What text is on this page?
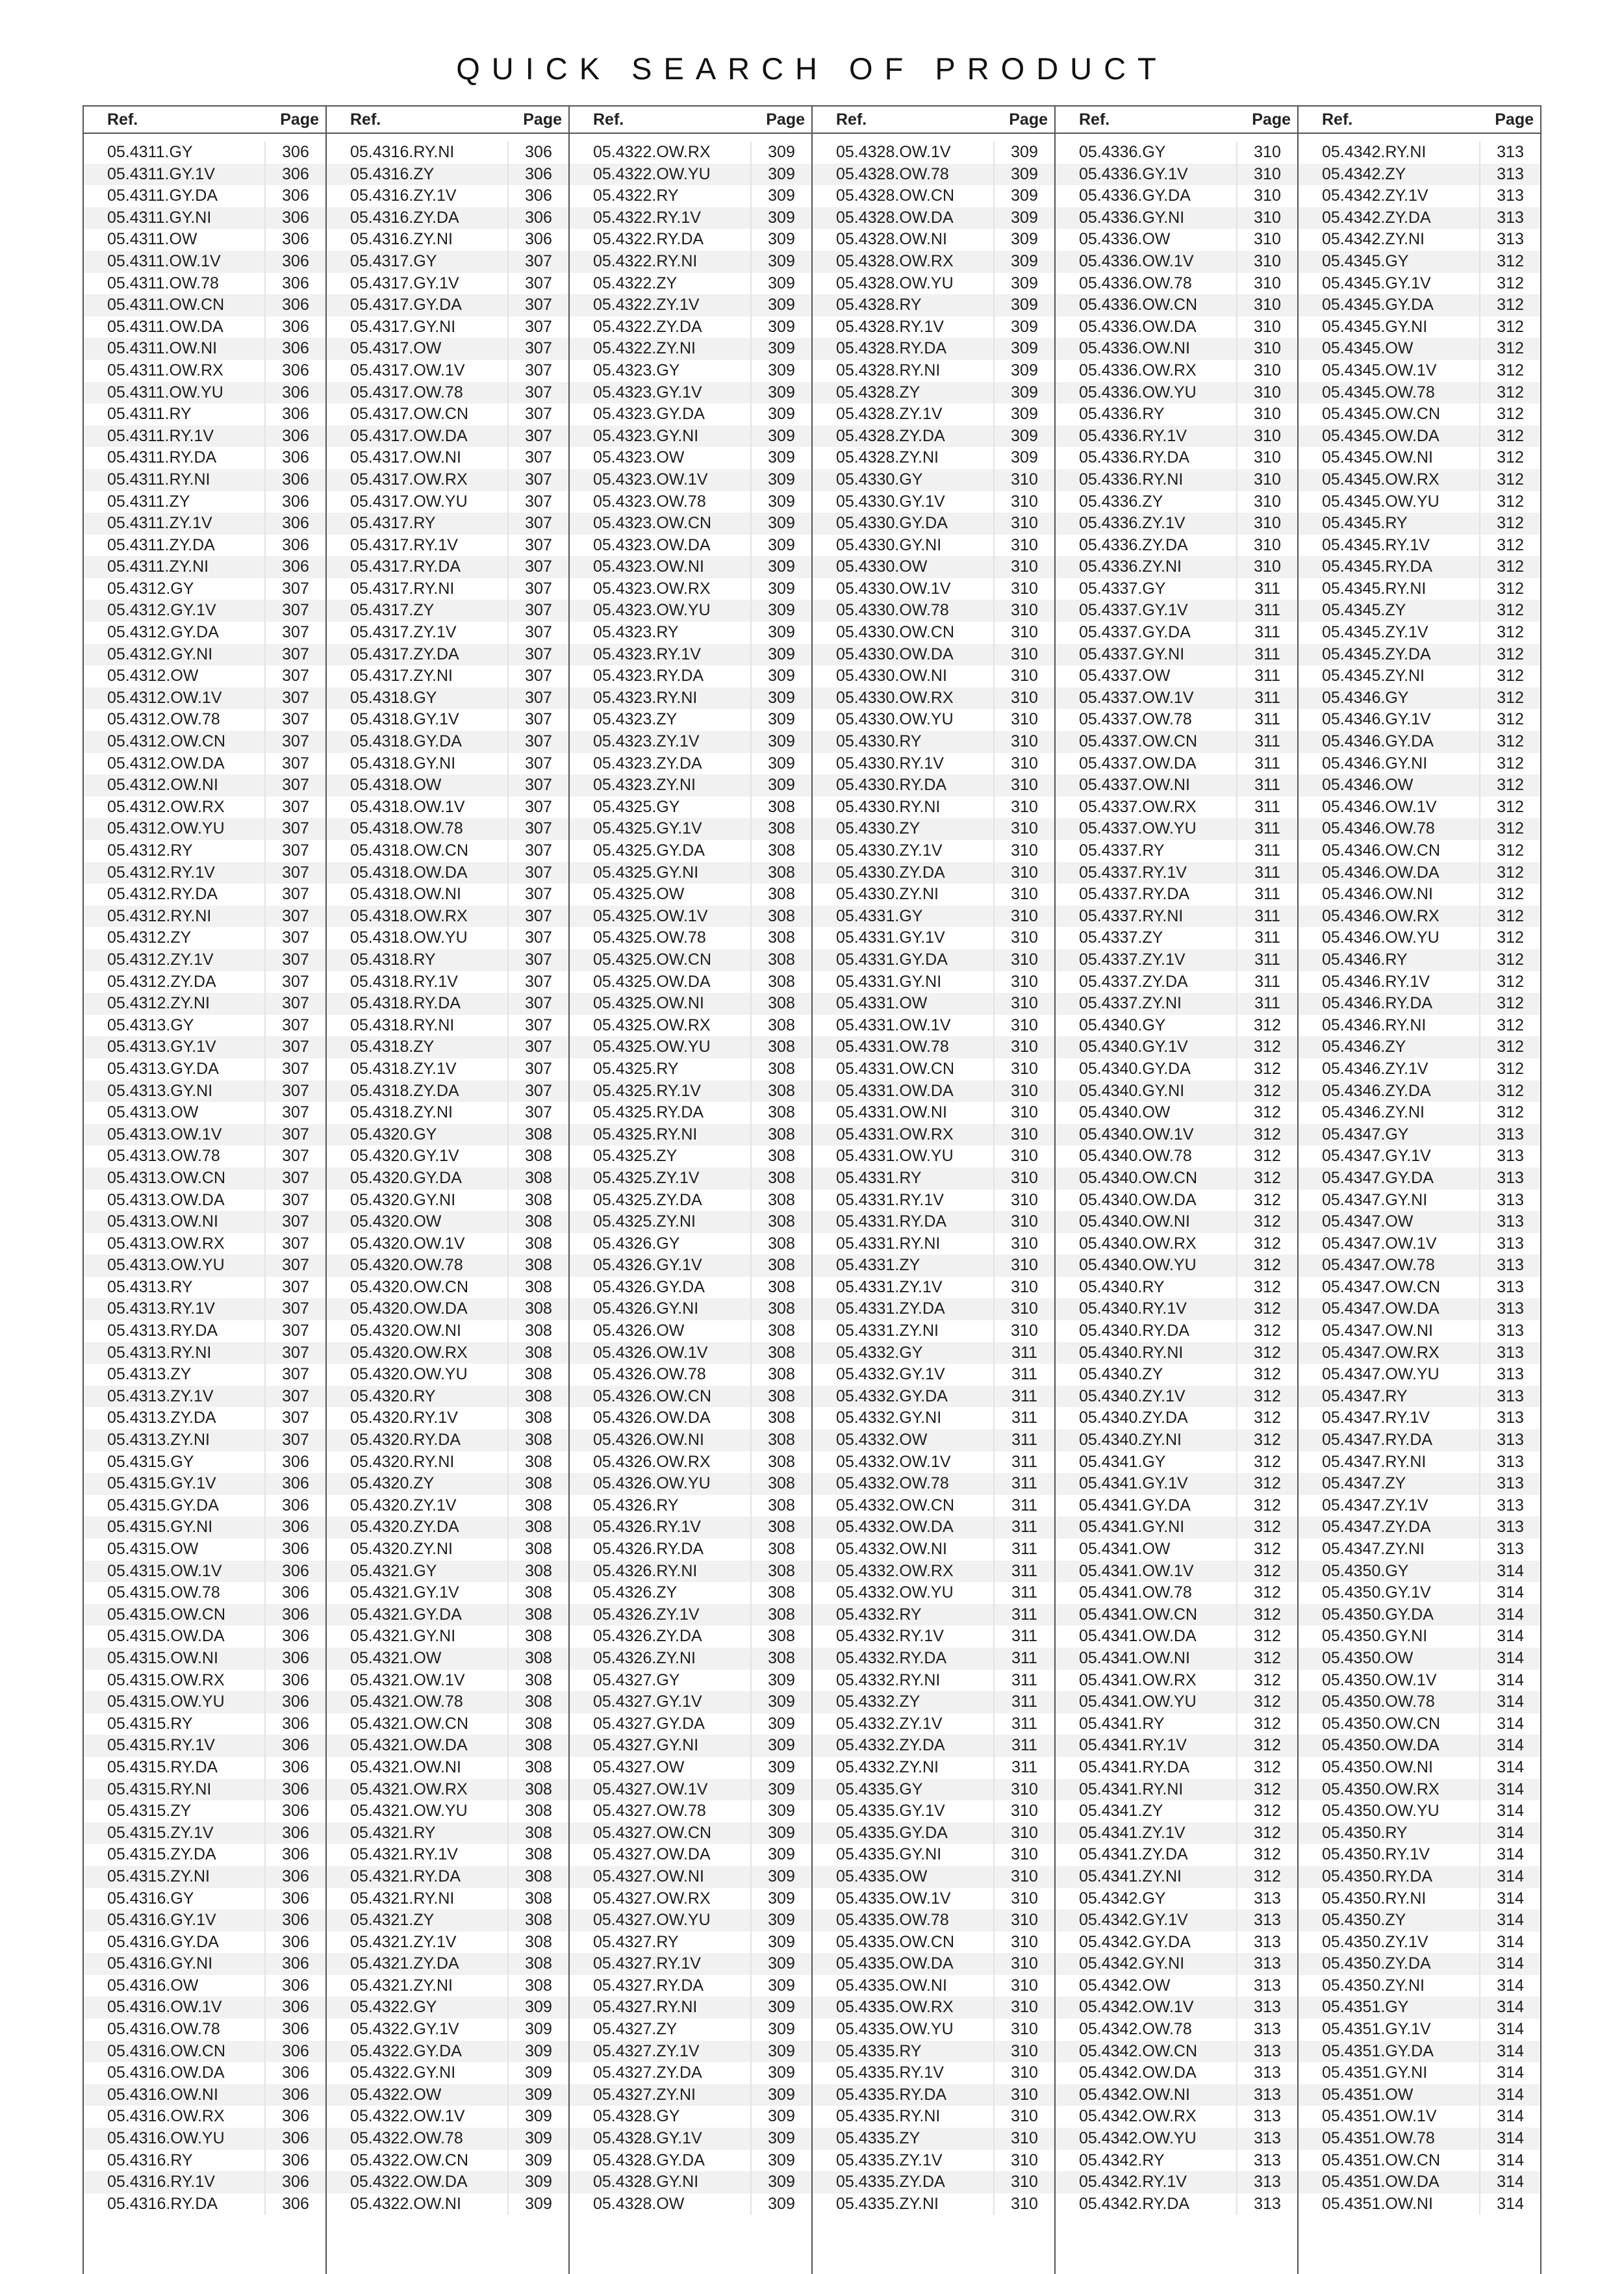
QUICK SEARCH OF PRODUCT
Ref.	Page
05.4311.GY	306
05.4311.GY.1V	306
05.4311.GY.DA	306
05.4311.GY.NI	306
05.4311.OW	306
05.4311.OW.1V	306
05.4311.OW.78	306
05.4311.OW.CN	306
05.4311.OW.DA	306
05.4311.OW.NI	306
05.4311.OW.RX	306
05.4311.OW.YU	306
05.4311.RY	306
05.4311.RY.1V	306
05.4311.RY.DA	306
05.4311.RY.NI	306
05.4311.ZY	306
05.4311.ZY.1V	306
05.4311.ZY.DA	306
05.4311.ZY.NI	306
05.4312.GY	307
05.4312.GY.1V	307
05.4312.GY.DA	307
05.4312.GY.NI	307
05.4312.OW	307
05.4312.OW.1V	307
05.4312.OW.78	307
05.4312.OW.CN	307
05.4312.OW.DA	307
05.4312.OW.NI	307
05.4312.OW.RX	307
05.4312.OW.YU	307
05.4312.RY	307
05.4312.RY.1V	307
05.4312.RY.DA	307
05.4312.RY.NI	307
05.4312.ZY	307
05.4312.ZY.1V	307
05.4312.ZY.DA	307
05.4312.ZY.NI	307
05.4313.GY	307
05.4313.GY.1V	307
05.4313.GY.DA	307
05.4313.GY.NI	307
05.4313.OW	307
05.4313.OW.1V	307
05.4313.OW.78	307
05.4313.OW.CN	307
05.4313.OW.DA	307
05.4313.OW.NI	307
05.4313.OW.RX	307
05.4313.OW.YU	307
05.4313.RY	307
05.4313.RY.1V	307
05.4313.RY.DA	307
05.4313.RY.NI	307
05.4313.ZY	307
05.4313.ZY.1V	307
05.4313.ZY.DA	307
05.4313.ZY.NI	307
05.4315.GY	306
05.4315.GY.1V	306
05.4315.GY.DA	306
05.4315.GY.NI	306
05.4315.OW	306
05.4315.OW.1V	306
05.4315.OW.78	306
05.4315.OW.CN	306
05.4315.OW.DA	306
05.4315.OW.NI	306
05.4315.OW.RX	306
05.4315.OW.YU	306
05.4315.RY	306
05.4315.RY.1V	306
05.4315.RY.DA	306
05.4315.RY.NI	306
05.4315.ZY	306
05.4315.ZY.1V	306
05.4315.ZY.DA	306
05.4315.ZY.NI	306
05.4316.GY	306
05.4316.GY.1V	306
05.4316.GY.DA	306
05.4316.GY.NI	306
05.4316.OW	306
05.4316.OW.1V	306
05.4316.OW.78	306
05.4316.OW.CN	306
05.4316.OW.DA	306
05.4316.OW.NI	306
05.4316.OW.RX	306
05.4316.OW.YU	306
05.4316.RY	306
05.4316.RY.1V	306
05.4316.RY.DA	306
Ref.	Page
05.4316.RY.NI	306
05.4316.ZY	306
05.4316.ZY.1V	306
05.4316.ZY.DA	306
05.4316.ZY.NI	306
05.4317.GY	307
05.4317.GY.1V	307
05.4317.GY.DA	307
05.4317.GY.NI	307
05.4317.OW	307
05.4317.OW.1V	307
05.4317.OW.78	307
05.4317.OW.CN	307
05.4317.OW.DA	307
05.4317.OW.NI	307
05.4317.OW.RX	307
05.4317.OW.YU	307
05.4317.RY	307
05.4317.RY.1V	307
05.4317.RY.DA	307
05.4317.RY.NI	307
05.4317.ZY	307
05.4317.ZY.1V	307
05.4317.ZY.DA	307
05.4317.ZY.NI	307
05.4318.GY	307
05.4318.GY.1V	307
05.4318.GY.DA	307
05.4318.GY.NI	307
05.4318.OW	307
05.4318.OW.1V	307
05.4318.OW.78	307
05.4318.OW.CN	307
05.4318.OW.DA	307
05.4318.OW.NI	307
05.4318.OW.RX	307
05.4318.OW.YU	307
05.4318.RY	307
05.4318.RY.1V	307
05.4318.RY.DA	307
05.4318.RY.NI	307
05.4318.ZY	307
05.4318.ZY.1V	307
05.4318.ZY.DA	307
05.4318.ZY.NI	307
05.4320.GY	308
05.4320.GY.1V	308
05.4320.GY.DA	308
05.4320.GY.NI	308
05.4320.OW	308
05.4320.OW.1V	308
05.4320.OW.78	308
05.4320.OW.CN	308
05.4320.OW.DA	308
05.4320.OW.NI	308
05.4320.OW.RX	308
05.4320.OW.YU	308
05.4320.RY	308
05.4320.RY.1V	308
05.4320.RY.DA	308
05.4320.RY.NI	308
05.4320.ZY	308
05.4320.ZY.1V	308
05.4320.ZY.DA	308
05.4320.ZY.NI	308
05.4321.GY	308
05.4321.GY.1V	308
05.4321.GY.DA	308
05.4321.GY.NI	308
05.4321.OW	308
05.4321.OW.1V	308
05.4321.OW.78	308
05.4321.OW.CN	308
05.4321.OW.DA	308
05.4321.OW.NI	308
05.4321.OW.RX	308
05.4321.OW.YU	308
05.4321.RY	308
05.4321.RY.1V	308
05.4321.RY.DA	308
05.4321.RY.NI	308
05.4321.ZY	308
05.4321.ZY.1V	308
05.4321.ZY.DA	308
05.4321.ZY.NI	308
05.4322.GY	309
05.4322.GY.1V	309
05.4322.GY.DA	309
05.4322.GY.NI	309
05.4322.OW	309
05.4322.OW.1V	309
05.4322.OW.78	309
05.4322.OW.CN	309
05.4322.OW.DA	309
05.4322.OW.NI	309
Ref.	Page
05.4322.OW.RX	309
05.4322.OW.YU	309
05.4322.RY	309
05.4322.RY.1V	309
05.4322.RY.DA	309
05.4322.RY.NI	309
05.4322.ZY	309
05.4322.ZY.1V	309
05.4322.ZY.DA	309
05.4322.ZY.NI	309
05.4323.GY	309
05.4323.GY.1V	309
05.4323.GY.DA	309
05.4323.GY.NI	309
05.4323.OW	309
05.4323.OW.1V	309
05.4323.OW.78	309
05.4323.OW.CN	309
05.4323.OW.DA	309
05.4323.OW.NI	309
05.4323.OW.RX	309
05.4323.OW.YU	309
05.4323.RY	309
05.4323.RY.1V	309
05.4323.RY.DA	309
05.4323.RY.NI	309
05.4323.ZY	309
05.4323.ZY.1V	309
05.4323.ZY.DA	309
05.4323.ZY.NI	309
05.4325.GY	308
05.4325.GY.1V	308
05.4325.GY.DA	308
05.4325.GY.NI	308
05.4325.OW	308
05.4325.OW.1V	308
05.4325.OW.78	308
05.4325.OW.CN	308
05.4325.OW.DA	308
05.4325.OW.NI	308
05.4325.OW.RX	308
05.4325.OW.YU	308
05.4325.RY	308
05.4325.RY.1V	308
05.4325.RY.DA	308
05.4325.RY.NI	308
05.4325.ZY	308
05.4325.ZY.1V	308
05.4325.ZY.DA	308
05.4325.ZY.NI	308
05.4326.GY	308
05.4326.GY.1V	308
05.4326.GY.DA	308
05.4326.GY.NI	308
05.4326.OW	308
05.4326.OW.1V	308
05.4326.OW.78	308
05.4326.OW.CN	308
05.4326.OW.DA	308
05.4326.OW.NI	308
05.4326.OW.RX	308
05.4326.OW.YU	308
05.4326.RY	308
05.4326.RY.1V	308
05.4326.RY.DA	308
05.4326.RY.NI	308
05.4326.ZY	308
05.4326.ZY.1V	308
05.4326.ZY.DA	308
05.4326.ZY.NI	308
05.4327.GY	309
05.4327.GY.1V	309
05.4327.GY.DA	309
05.4327.GY.NI	309
05.4327.OW	309
05.4327.OW.1V	309
05.4327.OW.78	309
05.4327.OW.CN	309
05.4327.OW.DA	309
05.4327.OW.NI	309
05.4327.OW.RX	309
05.4327.OW.YU	309
05.4327.RY	309
05.4327.RY.1V	309
05.4327.RY.DA	309
05.4327.RY.NI	309
05.4327.ZY	309
05.4327.ZY.1V	309
05.4327.ZY.DA	309
05.4327.ZY.NI	309
05.4328.GY	309
05.4328.GY.1V	309
05.4328.GY.DA	309
05.4328.GY.NI	309
05.4328.OW	309
Ref.	Page
05.4328.OW.1V	309
05.4328.OW.78	309
05.4328.OW.CN	309
05.4328.OW.DA	309
05.4328.OW.NI	309
05.4328.OW.RX	309
05.4328.OW.YU	309
05.4328.RY	309
05.4328.RY.1V	309
05.4328.RY.DA	309
05.4328.RY.NI	309
05.4328.ZY	309
05.4328.ZY.1V	309
05.4328.ZY.DA	309
05.4328.ZY.NI	309
05.4330.GY	310
05.4330.GY.1V	310
05.4330.GY.DA	310
05.4330.GY.NI	310
05.4330.OW	310
05.4330.OW.1V	310
05.4330.OW.78	310
05.4330.OW.CN	310
05.4330.OW.DA	310
05.4330.OW.NI	310
05.4330.OW.RX	310
05.4330.OW.YU	310
05.4330.RY	310
05.4330.RY.1V	310
05.4330.RY.DA	310
05.4330.RY.NI	310
05.4330.ZY	310
05.4330.ZY.1V	310
05.4330.ZY.DA	310
05.4330.ZY.NI	310
05.4331.GY	310
05.4331.GY.1V	310
05.4331.GY.DA	310
05.4331.GY.NI	310
05.4331.OW	310
05.4331.OW.1V	310
05.4331.OW.78	310
05.4331.OW.CN	310
05.4331.OW.DA	310
05.4331.OW.NI	310
05.4331.OW.RX	310
05.4331.OW.YU	310
05.4331.RY	310
05.4331.RY.1V	310
05.4331.RY.DA	310
05.4331.RY.NI	310
05.4331.ZY	310
05.4331.ZY.1V	310
05.4331.ZY.DA	310
05.4331.ZY.NI	310
05.4332.GY	311
05.4332.GY.1V	311
05.4332.GY.DA	311
05.4332.GY.NI	311
05.4332.OW	311
05.4332.OW.1V	311
05.4332.OW.78	311
05.4332.OW.CN	311
05.4332.OW.DA	311
05.4332.OW.NI	311
05.4332.OW.RX	311
05.4332.OW.YU	311
05.4332.RY	311
05.4332.RY.1V	311
05.4332.RY.DA	311
05.4332.RY.NI	311
05.4332.ZY	311
05.4332.ZY.1V	311
05.4332.ZY.DA	311
05.4332.ZY.NI	311
05.4335.GY	310
05.4335.GY.1V	310
05.4335.GY.DA	310
05.4335.GY.NI	310
05.4335.OW	310
05.4335.OW.1V	310
05.4335.OW.78	310
05.4335.OW.CN	310
05.4335.OW.DA	310
05.4335.OW.NI	310
05.4335.OW.RX	310
05.4335.OW.YU	310
05.4335.RY	310
05.4335.RY.1V	310
05.4335.RY.DA	310
05.4335.RY.NI	310
05.4335.ZY	310
05.4335.ZY.1V	310
05.4335.ZY.DA	310
05.4335.ZY.NI	310
Ref.	Page
05.4336.GY	310
05.4336.GY.1V	310
05.4336.GY.DA	310
05.4336.GY.NI	310
05.4336.OW	310
05.4336.OW.1V	310
05.4336.OW.78	310
05.4336.OW.CN	310
05.4336.OW.DA	310
05.4336.OW.NI	310
05.4336.OW.RX	310
05.4336.OW.YU	310
05.4336.RY	310
05.4336.RY.1V	310
05.4336.RY.DA	310
05.4336.RY.NI	310
05.4336.ZY	310
05.4336.ZY.1V	310
05.4336.ZY.DA	310
05.4336.ZY.NI	310
05.4337.GY	311
05.4337.GY.1V	311
05.4337.GY.DA	311
05.4337.GY.NI	311
05.4337.OW	311
05.4337.OW.1V	311
05.4337.OW.78	311
05.4337.OW.CN	311
05.4337.OW.DA	311
05.4337.OW.NI	311
05.4337.OW.RX	311
05.4337.OW.YU	311
05.4337.RY	311
05.4337.RY.1V	311
05.4337.RY.DA	311
05.4337.RY.NI	311
05.4337.ZY	311
05.4337.ZY.1V	311
05.4337.ZY.DA	311
05.4337.ZY.NI	311
05.4340.GY	312
05.4340.GY.1V	312
05.4340.GY.DA	312
05.4340.GY.NI	312
05.4340.OW	312
05.4340.OW.1V	312
05.4340.OW.78	312
05.4340.OW.CN	312
05.4340.OW.DA	312
05.4340.OW.NI	312
05.4340.OW.RX	312
05.4340.OW.YU	312
05.4340.RY	312
05.4340.RY.1V	312
05.4340.RY.DA	312
05.4340.RY.NI	312
05.4340.ZY	312
05.4340.ZY.1V	312
05.4340.ZY.DA	312
05.4340.ZY.NI	312
05.4341.GY	312
05.4341.GY.1V	312
05.4341.GY.DA	312
05.4341.GY.NI	312
05.4341.OW	312
05.4341.OW.1V	312
05.4341.OW.78	312
05.4341.OW.CN	312
05.4341.OW.DA	312
05.4341.OW.NI	312
05.4341.OW.RX	312
05.4341.OW.YU	312
05.4341.RY	312
05.4341.RY.1V	312
05.4341.RY.DA	312
05.4341.RY.NI	312
05.4341.ZY	312
05.4341.ZY.1V	312
05.4341.ZY.DA	312
05.4341.ZY.NI	312
05.4342.GY	313
05.4342.GY.1V	313
05.4342.GY.DA	313
05.4342.GY.NI	313
05.4342.OW	313
05.4342.OW.1V	313
05.4342.OW.78	313
05.4342.OW.CN	313
05.4342.OW.DA	313
05.4342.OW.NI	313
05.4342.OW.RX	313
05.4342.OW.YU	313
05.4342.RY	313
05.4342.RY.1V	313
05.4342.RY.DA	313
Ref.	Page
05.4342.RY.NI	313
05.4342.ZY	313
05.4342.ZY.1V	313
05.4342.ZY.DA	313
05.4342.ZY.NI	313
05.4345.GY	312
05.4345.GY.1V	312
05.4345.GY.DA	312
05.4345.GY.NI	312
05.4345.OW	312
05.4345.OW.1V	312
05.4345.OW.78	312
05.4345.OW.CN	312
05.4345.OW.DA	312
05.4345.OW.NI	312
05.4345.OW.RX	312
05.4345.OW.YU	312
05.4345.RY	312
05.4345.RY.1V	312
05.4345.RY.DA	312
05.4345.RY.NI	312
05.4345.ZY	312
05.4345.ZY.1V	312
05.4345.ZY.DA	312
05.4345.ZY.NI	312
05.4346.GY	312
05.4346.GY.1V	312
05.4346.GY.DA	312
05.4346.GY.NI	312
05.4346.OW	312
05.4346.OW.1V	312
05.4346.OW.78	312
05.4346.OW.CN	312
05.4346.OW.DA	312
05.4346.OW.NI	312
05.4346.OW.RX	312
05.4346.OW.YU	312
05.4346.RY	312
05.4346.RY.1V	312
05.4346.RY.DA	312
05.4346.RY.NI	312
05.4346.ZY	312
05.4346.ZY.1V	312
05.4346.ZY.DA	312
05.4346.ZY.NI	312
05.4347.GY	313
05.4347.GY.1V	313
05.4347.GY.DA	313
05.4347.GY.NI	313
05.4347.OW	313
05.4347.OW.1V	313
05.4347.OW.78	313
05.4347.OW.CN	313
05.4347.OW.DA	313
05.4347.OW.NI	313
05.4347.OW.RX	313
05.4347.OW.YU	313
05.4347.RY	313
05.4347.RY.1V	313
05.4347.RY.DA	313
05.4347.RY.NI	313
05.4347.ZY	313
05.4347.ZY.1V	313
05.4347.ZY.DA	313
05.4347.ZY.NI	313
05.4350.GY	314
05.4350.GY.1V	314
05.4350.GY.DA	314
05.4350.GY.NI	314
05.4350.OW	314
05.4350.OW.1V	314
05.4350.OW.78	314
05.4350.OW.CN	314
05.4350.OW.DA	314
05.4350.OW.NI	314
05.4350.OW.RX	314
05.4350.OW.YU	314
05.4350.RY	314
05.4350.RY.1V	314
05.4350.RY.DA	314
05.4350.RY.NI	314
05.4350.ZY	314
05.4350.ZY.1V	314
05.4350.ZY.DA	314
05.4350.ZY.NI	314
05.4351.GY	314
05.4351.GY.1V	314
05.4351.GY.DA	314
05.4351.GY.NI	314
05.4351.OW	314
05.4351.OW.1V	314
05.4351.OW.78	314
05.4351.OW.CN	314
05.4351.OW.DA	314
05.4351.OW.NI	314
